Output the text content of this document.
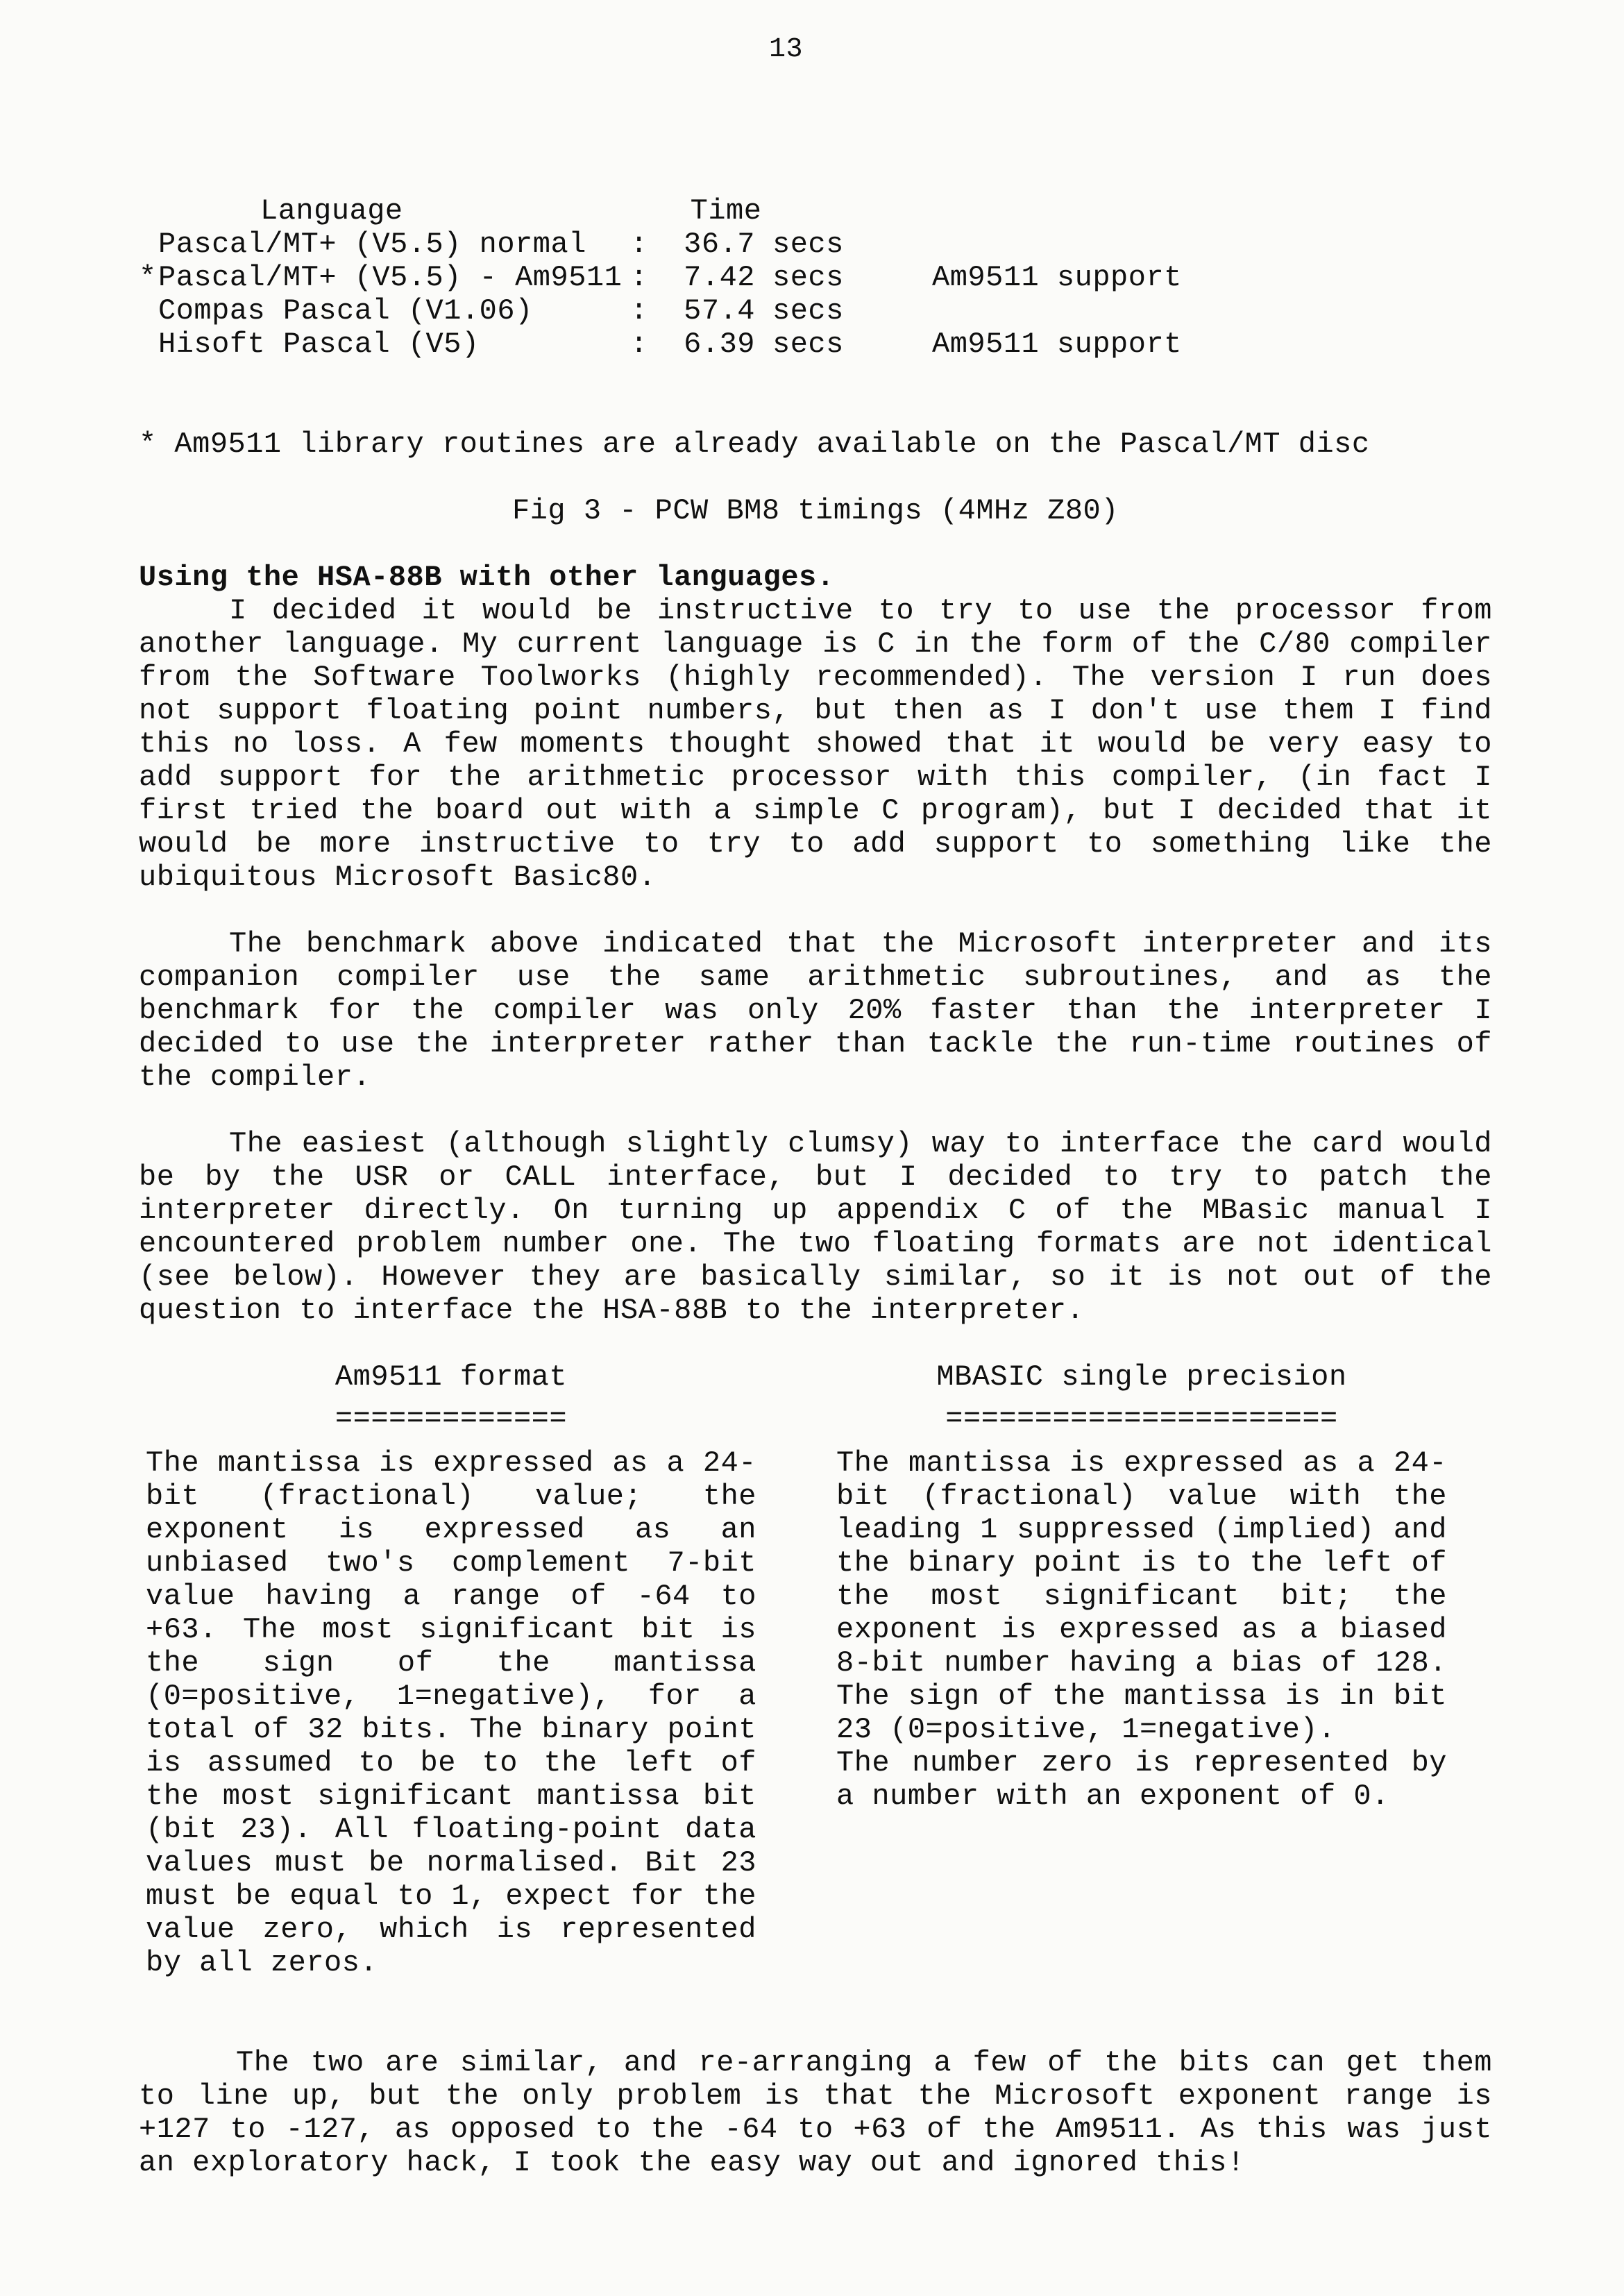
13
Language	Time
Pascal/MT+ (V5.5) normal	:	36.7 secs
* Pascal/MT+ (V5.5) - Am9511 :	7.42 secs	Am9511 support
Compas Pascal (V1.06)	:	57.4 secs
Hisoft Pascal (V5)	:	6.39 secs	Am9511 support
* Am9511 library routines are already available on the Pascal/MT disc
Fig 3 - PCW BM8 timings (4MHz Z80)
Using the HSA-88B with other languages.
I decided it would be instructive to try to use the processor from another language. My current language is C in the form of the C/80 compiler from the Software Toolworks (highly recommended). The version I run does not support floating point numbers, but then as I don't use them I find this no loss. A few moments thought showed that it would be very easy to add support for the arithmetic processor with this compiler, (in fact I first tried the board out with a simple C program), but I decided that it would be more instructive to try to add support to something like the ubiquitous Microsoft Basic80.
The benchmark above indicated that the Microsoft interpreter and its companion compiler use the same arithmetic subroutines, and as the benchmark for the compiler was only 20% faster than the interpreter I decided to use the interpreter rather than tackle the run-time routines of the compiler.
The easiest (although slightly clumsy) way to interface the card would be by the USR or CALL interface, but I decided to try to patch the interpreter directly. On turning up appendix C of the MBasic manual I encountered problem number one. The two floating formats are not identical (see below). However they are basically similar, so it is not out of the question to interface the HSA-88B to the interpreter.
Am9511 format
=============
The mantissa is expressed as a 24-bit (fractional) value; the exponent is expressed as an unbiased two's complement 7-bit value having a range of -64 to +63. The most significant bit is the sign of the mantissa (0=positive, 1=negative), for a total of 32 bits. The binary point is assumed to be to the left of the most significant mantissa bit (bit 23). All floating-point data values must be normalised. Bit 23 must be equal to 1, expect for the value zero, which is represented by all zeros.
MBASIC single precision
======================
The mantissa is expressed as a 24-bit (fractional) value with the leading 1 suppressed (implied) and the binary point is to the left of the most significant bit; the exponent is expressed as a biased 8-bit number having a bias of 128. The sign of the mantissa is in bit 23 (0=positive, 1=negative).
The number zero is represented by a number with an exponent of 0.
The two are similar, and re-arranging a few of the bits can get them to line up, but the only problem is that the Microsoft exponent range is +127 to -127, as opposed to the -64 to +63 of the Am9511. As this was just an exploratory hack, I took the easy way out and ignored this!
